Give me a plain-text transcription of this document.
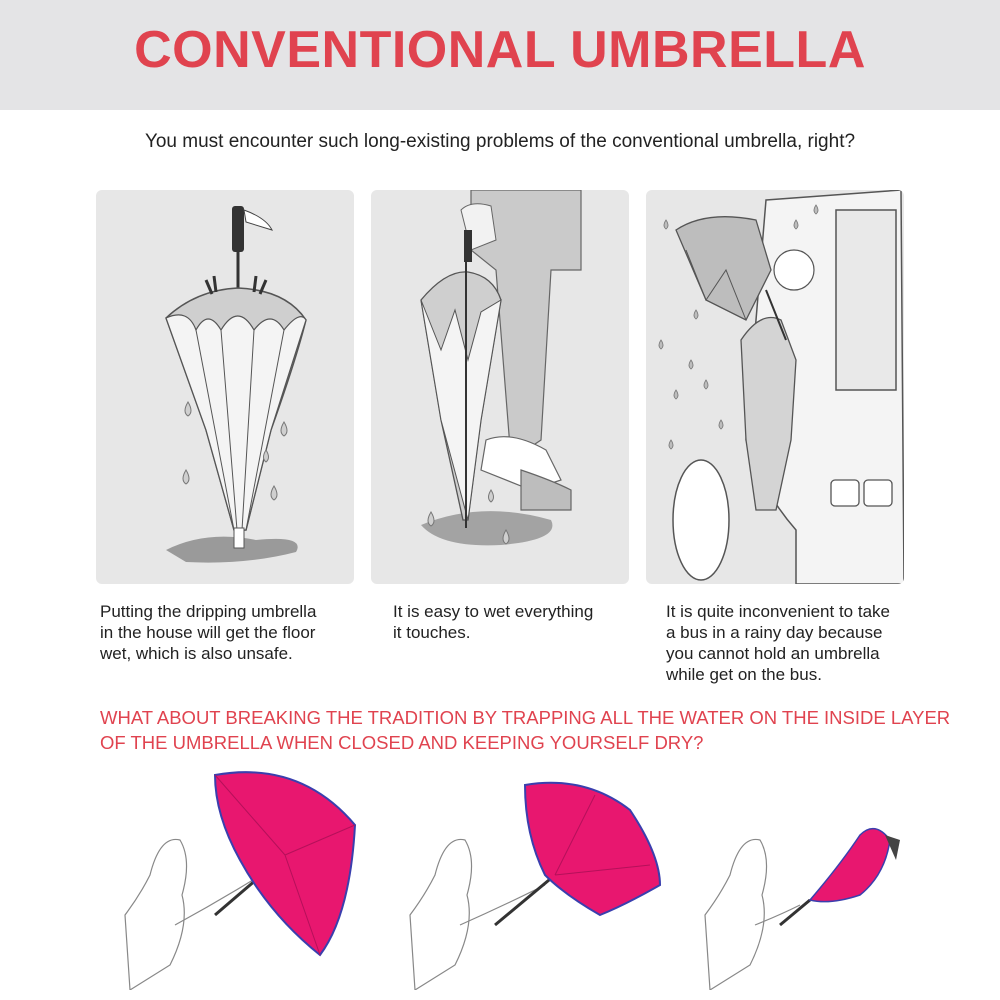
CONVENTIONAL UMBRELLA

You must encounter such long-existing problems of the conventional umbrella, right?

Putting the dripping umbrella
in the house will get the floor
wet, which is also unsafe.

It is easy to wet everything
it touches.

It is quite inconvenient to take
a bus in a rainy day because
you cannot hold an umbrella
while get on the bus.

WHAT ABOUT BREAKING THE TRADITION BY TRAPPING ALL THE WATER ON THE INSIDE LAYER
OF THE UMBRELLA WHEN CLOSED AND KEEPING YOURSELF DRY?
